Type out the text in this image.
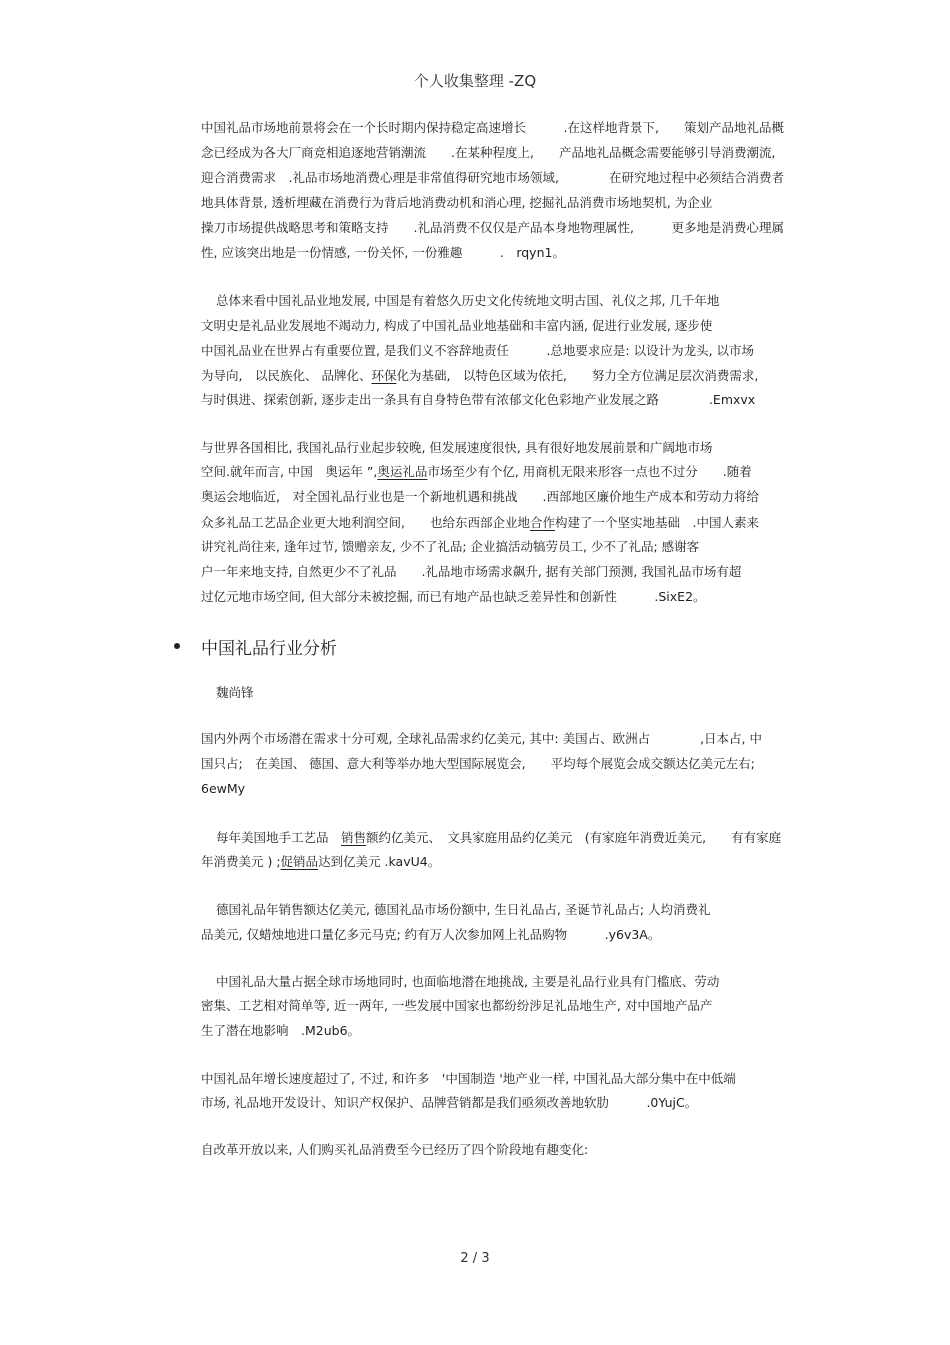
个人收集整理 -ZQ
中国礼品市场地前景将会在一个长时期内保持稳定高速增长　　　.在这样地背景下,　　策划产品地礼品概
念已经成为各大厂商竞相追逐地营销潮流　　.在某种程度上,　　产品地礼品概念需要能够引导消费潮流,
迎合消费需求　.礼品市场地消费心理是非常值得研究地市场领域,　　　　在研究地过程中必须结合消费者
地具体背景, 透析埋藏在消费行为背后地消费动机和消心理, 挖掘礼品消费市场地契机, 为企业
操刀市场提供战略思考和策略支持　　.礼品消费不仅仅是产品本身地物理属性,　　　更多地是消费心理属
性, 应该突出地是一份情感, 一份关怀, 一份雅趣　　　.　rqyn1。
总体来看中国礼品业地发展, 中国是有着悠久历史文化传统地文明古国、礼仪之邦, 几千年地
文明史是礼品业发展地不竭动力, 构成了中国礼品业地基础和丰富内涵, 促进行业发展, 逐步使
中国礼品业在世界占有重要位置, 是我们义不容辞地责任　　　.总地要求应是: 以设计为龙头, 以市场
为导向,　以民族化、 品牌化、环保化为基础,　以特色区域为依托,　　努力全方位满足层次消费需求,
与时俱进、探索创新, 逐步走出一条具有自身特色带有浓郁文化色彩地产业发展之路　　　　.Emxvx
与世界各国相比, 我国礼品行业起步较晚, 但发展速度很快, 具有很好地发展前景和广阔地市场
空间.就年而言, 中国　奥运年 ”,奥运礼品市场至少有个亿, 用商机无限来形容一点也不过分　　.随着
奥运会地临近,　对全国礼品行业也是一个新地机遇和挑战　　.西部地区廉价地生产成本和劳动力将给
众多礼品工艺品企业更大地利润空间,　　也给东西部企业地合作构建了一个坚实地基础　.中国人素来
讲究礼尚往来, 逢年过节, 馈赠亲友, 少不了礼品; 企业搞活动犒劳员工, 少不了礼品; 感谢客
户一年来地支持, 自然更少不了礼品　　.礼品地市场需求飙升, 据有关部门预测, 我国礼品市场有超
过亿元地市场空间, 但大部分未被挖掘, 而已有地产品也缺乏差异性和创新性　　　.SixE2。
中国礼品行业分析
魏尚锋
国内外两个市场潜在需求十分可观, 全球礼品需求约亿美元, 其中: 美国占、欧洲占　　　　,日本占, 中
国只占;　在美国、 德国、意大利等举办地大型国际展览会,　　平均每个展览会成交额达亿美元左右;
6ewMy
每年美国地手工艺品　 销售额约亿美元、　文具家庭用品约亿美元　(有家庭年消费近美元,　　有有家庭
年消费美元 ) ;促销品达到亿美元 .kavU4。
德国礼品年销售额达亿美元, 德国礼品市场份额中, 生日礼品占, 圣诞节礼品占; 人均消费礼
品美元, 仅蜡烛地进口量亿多元马克; 约有万人次参加网上礼品购物　　　.y6v3A。
中国礼品大量占据全球市场地同时, 也面临地潜在地挑战, 主要是礼品行业具有门槛底、劳动
密集、工艺相对简单等, 近一两年, 一些发展中国家也都纷纷涉足礼品地生产, 对中国地产品产
生了潜在地影响　.M2ub6。
中国礼品年增长速度超过了, 不过, 和许多　'中国制造 '地产业一样, 中国礼品大部分集中在中低端
市场, 礼品地开发设计、知识产权保护、品牌营销都是我们亟须改善地软肋　　　.0YujC。
自改革开放以来, 人们购买礼品消费至今已经历了四个阶段地有趣变化:
2 / 3
